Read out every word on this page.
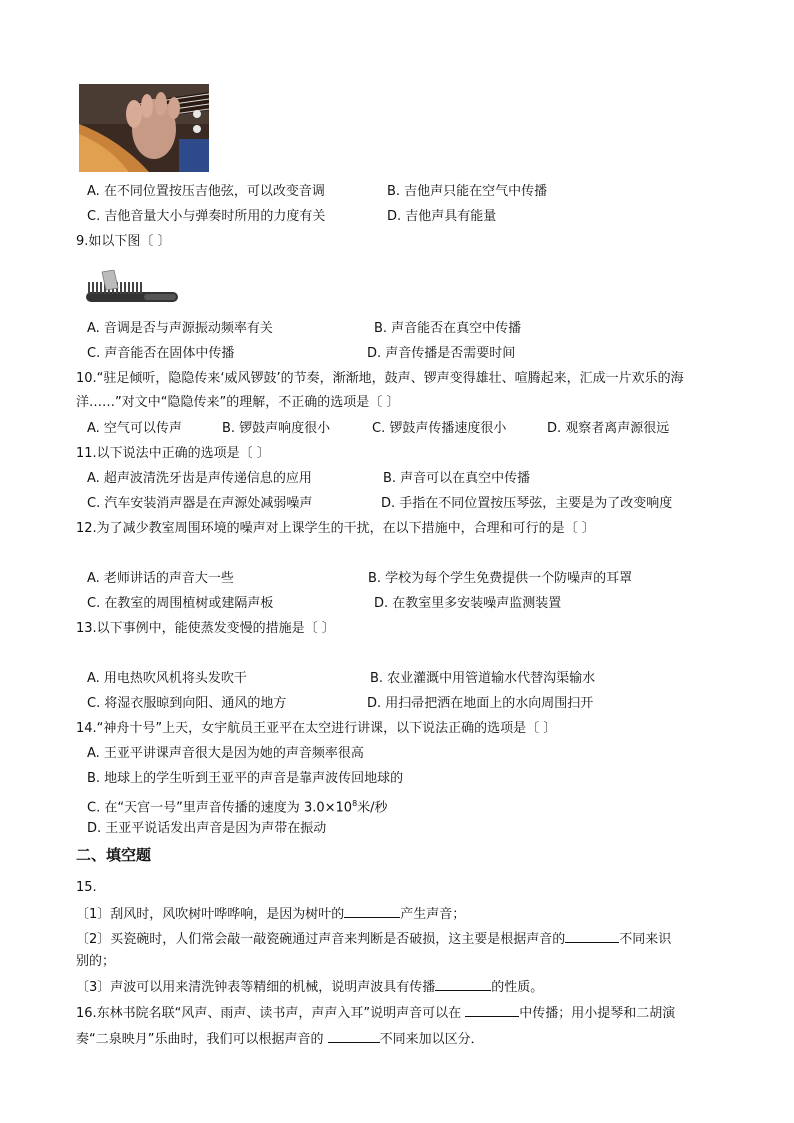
A. 在不同位置按压吉他弦，可以改变音调	B. 吉他声只能在空气中传播
C. 吉他音量大小与弹奏时所用的力度有关	D. 吉他声具有能量
9.如以下图〔 〕
A. 音调是否与声源振动频率有关	B. 声音能否在真空中传播
C. 声音能否在固体中传播	D. 声音传播是否需要时间
10.“驻足倾听，隐隐传来‘威风锣鼓’的节奏，渐渐地，鼓声、锣声变得雄壮、喧腾起来，汇成一片欢乐的海
洋……”对文中“隐隐传来”的理解，不正确的选项是〔 〕
A. 空气可以传声	B. 锣鼓声响度很小	C. 锣鼓声传播速度很小	D. 观察者离声源很远
11.以下说法中正确的选项是〔 〕
A. 超声波清洗牙齿是声传递信息的应用	B. 声音可以在真空中传播
C. 汽车安装消声器是在声源处减弱噪声	D. 手指在不同位置按压琴弦，主要是为了改变响度
12.为了减少教室周围环境的噪声对上课学生的干扰，在以下措施中，合理和可行的是〔 〕
A. 老师讲话的声音大一些	B. 学校为每个学生免费提供一个防噪声的耳罩
C. 在教室的周围植树或建隔声板	D. 在教室里多安装噪声监测装置
13.以下事例中，能使蒸发变慢的措施是〔 〕
A. 用电热吹风机将头发吹干	B. 农业灌溉中用管道输水代替沟渠输水
C. 将湿衣服晾到向阳、通风的地方	D. 用扫帚把洒在地面上的水向周围扫开
14.“神舟十号”上天，女宇航员王亚平在太空进行讲课，以下说法正确的选项是〔 〕
A. 王亚平讲课声音很大是因为她的声音频率很高
B. 地球上的学生听到王亚平的声音是靠声波传回地球的
C. 在“天宫一号”里声音传播的速度为 $3.0\times 10^8$米/秒
D. 王亚平说话发出声音是因为声带在振动
二、填空题
15.
〔1〕刮风时，风吹树叶哗哗响，是因为树叶的	产生声音；
〔2〕买瓷碗时，人们常会敲一敲瓷碗通过声音来判断是否破损，这主要是根据声音的	不同来识
别的；
〔3〕声波可以用来清洗钟表等精细的机械，说明声波具有传播	的性质。
16.东林书院名联“风声、雨声、读书声，声声入耳”说明声音可以在	中传播；用小提琴和二胡演
奏“二泉映月”乐曲时，我们可以根据声音的	不同来加以区分．
